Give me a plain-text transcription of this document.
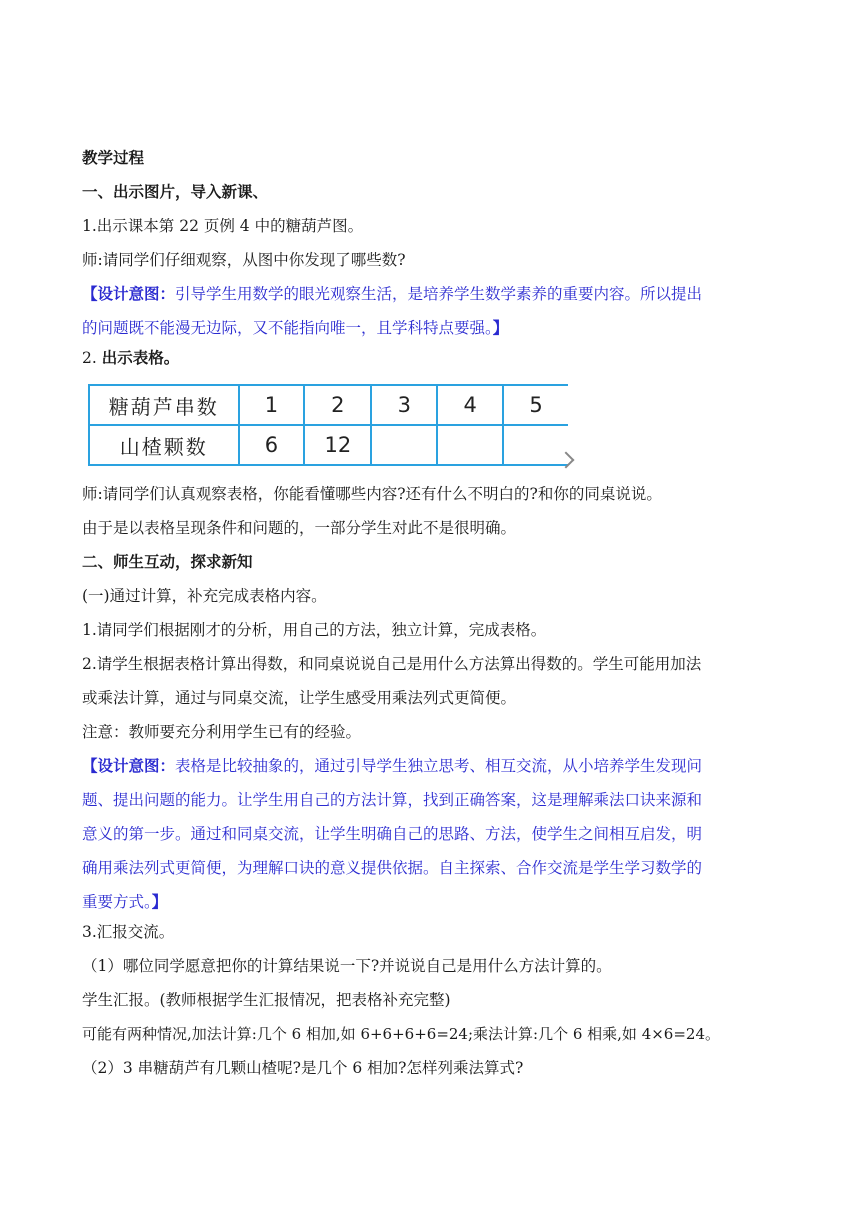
教学过程

一、出示图片，导入新课、

1.出示课本第 22 页例 4 中的糖葫芦图。

师:请同学们仔细观察，从图中你发现了哪些数?

【设计意图：引导学生用数学的眼光观察生活，是培养学生数学素养的重要内容。所以提出

的问题既不能漫无边际，又不能指向唯一，且学科特点要强。】

2. 出示表格。

糖葫芦串数	1	2	3	4	5
山楂颗数	6	12			

师:请同学们认真观察表格，你能看懂哪些内容?还有什么不明白的?和你的同桌说说。

由于是以表格呈现条件和问题的，一部分学生对此不是很明确。

二、师生互动，探求新知

(一)通过计算，补充完成表格内容。

1.请同学们根据刚才的分析，用自己的方法，独立计算，完成表格。

2.请学生根据表格计算出得数，和同桌说说自己是用什么方法算出得数的。学生可能用加法

或乘法计算，通过与同桌交流，让学生感受用乘法列式更简便。

注意：教师要充分利用学生已有的经验。

【设计意图：表格是比较抽象的，通过引导学生独立思考、相互交流，从小培养学生发现问

题、提出问题的能力。让学生用自己的方法计算，找到正确答案，这是理解乘法口诀来源和

意义的第一步。通过和同桌交流，让学生明确自己的思路、方法，使学生之间相互启发，明

确用乘法列式更简便，为理解口诀的意义提供依据。自主探索、合作交流是学生学习数学的

重要方式。】

3.汇报交流。

（1）哪位同学愿意把你的计算结果说一下?并说说自己是用什么方法计算的。

学生汇报。(教师根据学生汇报情况，把表格补充完整)

可能有两种情况,加法计算:几个 6 相加,如 6+6+6+6=24;乘法计算:几个 6 相乘,如 4×6=24。

（2）3 串糖葫芦有几颗山楂呢?是几个 6 相加?怎样列乘法算式?
